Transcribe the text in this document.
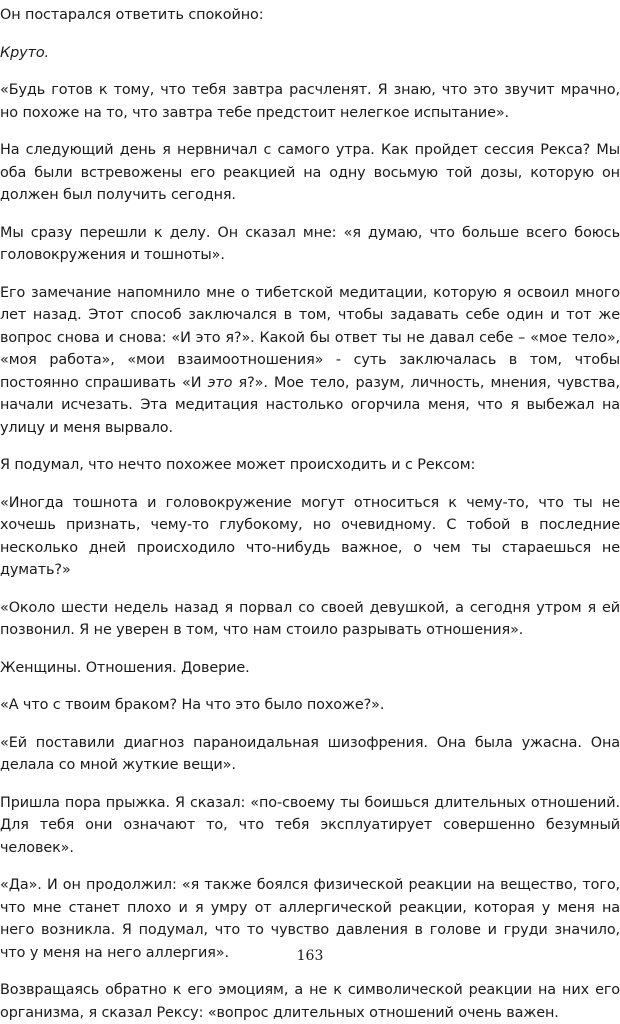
Он постарался ответить спокойно:

Круто.

«Будь готов к тому, что тебя завтра расчленят. Я знаю, что это звучит мрачно, но похоже на то, что завтра тебе предстоит нелегкое испытание».

На следующий день я нервничал с самого утра. Как пройдет сессия Рекса? Мы оба были встревожены его реакцией на одну восьмую той дозы, которую он должен был получить сегодня.

Мы сразу перешли к делу. Он сказал мне: «я думаю, что больше всего боюсь головокружения и тошноты».

Его замечание напомнило мне о тибетской медитации, которую я освоил много лет назад. Этот способ заключался в том, чтобы задавать себе один и тот же вопрос снова и снова: «И это я?». Какой бы ответ ты не давал себе – «мое тело», «моя работа», «мои взаимоотношения» - суть заключалась в том, чтобы постоянно спрашивать «И это я?». Мое тело, разум, личность, мнения, чувства, начали исчезать. Эта медитация настолько огорчила меня, что я выбежал на улицу и меня вырвало.

Я подумал, что нечто похожее может происходить и с Рексом:

«Иногда тошнота и головокружение могут относиться к чему-то, что ты не хочешь признать, чему-то глубокому, но очевидному. С тобой в последние несколько дней происходило что-нибудь важное, о чем ты стараешься не думать?»

«Около шести недель назад я порвал со своей девушкой, а сегодня утром я ей позвонил. Я не уверен в том, что нам стоило разрывать отношения».

Женщины. Отношения. Доверие.

«А что с твоим браком? На что это было похоже?».

«Ей поставили диагноз параноидальная шизофрения. Она была ужасна. Она делала со мной жуткие вещи».

Пришла пора прыжка. Я сказал: «по-своему ты боишься длительных отношений. Для тебя они означают то, что тебя эксплуатирует совершенно безумный человек».

«Да». И он продолжил: «я также боялся физической реакции на вещество, того, что мне станет плохо и я умру от аллергической реакции, которая у меня на него возникла. Я подумал, что то чувство давления в голове и груди значило, что у меня на него аллергия».

Возвращаясь обратно к его эмоциям, а не к символической реакции на них его организма, я сказал Рексу: «вопрос длительных отношений очень важен.

163
